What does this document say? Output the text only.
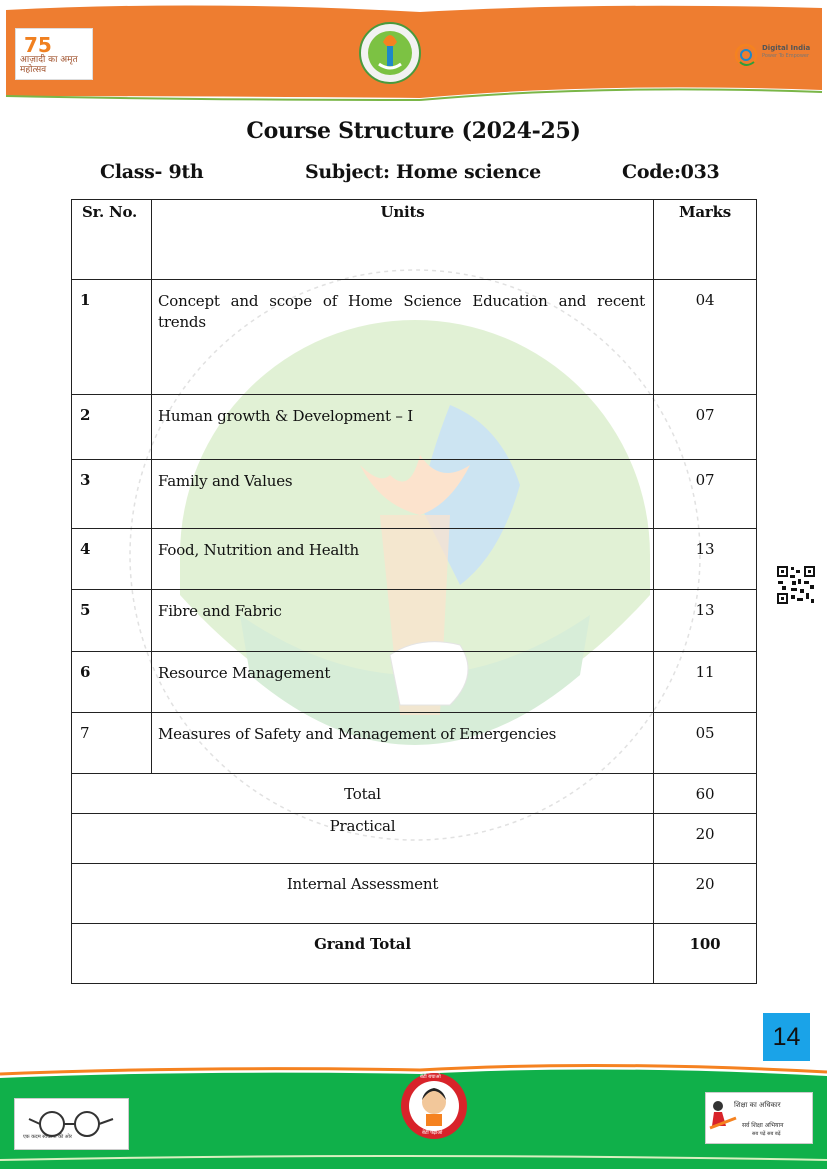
75
आज़ादी का अमृत महोत्सव
Digital India
Power To Empower
Course Structure (2024-25)
Class- 9th	Subject: Home science	Code:033
Sr. No.	Units	Marks

1	Concept and scope of Home Science Education and recent trends	04

2	Human growth & Development – I	07

3	Family and Values	07

4	Food, Nutrition and Health	13

5	Fibre and Fabric	13

6	Resource Management	11

7	Measures of Safety and Management of Emergencies	05

Total		60

Practical		20

Internal Assessment		20

Grand Total		100
14
एक कदम स्वच्छता की ओर
बेटी बचाओ
बेटी पढ़ाओ
शिक्षा का अधिकार
सर्व शिक्षा अभियान
सब पढ़ें सब बढ़ें
